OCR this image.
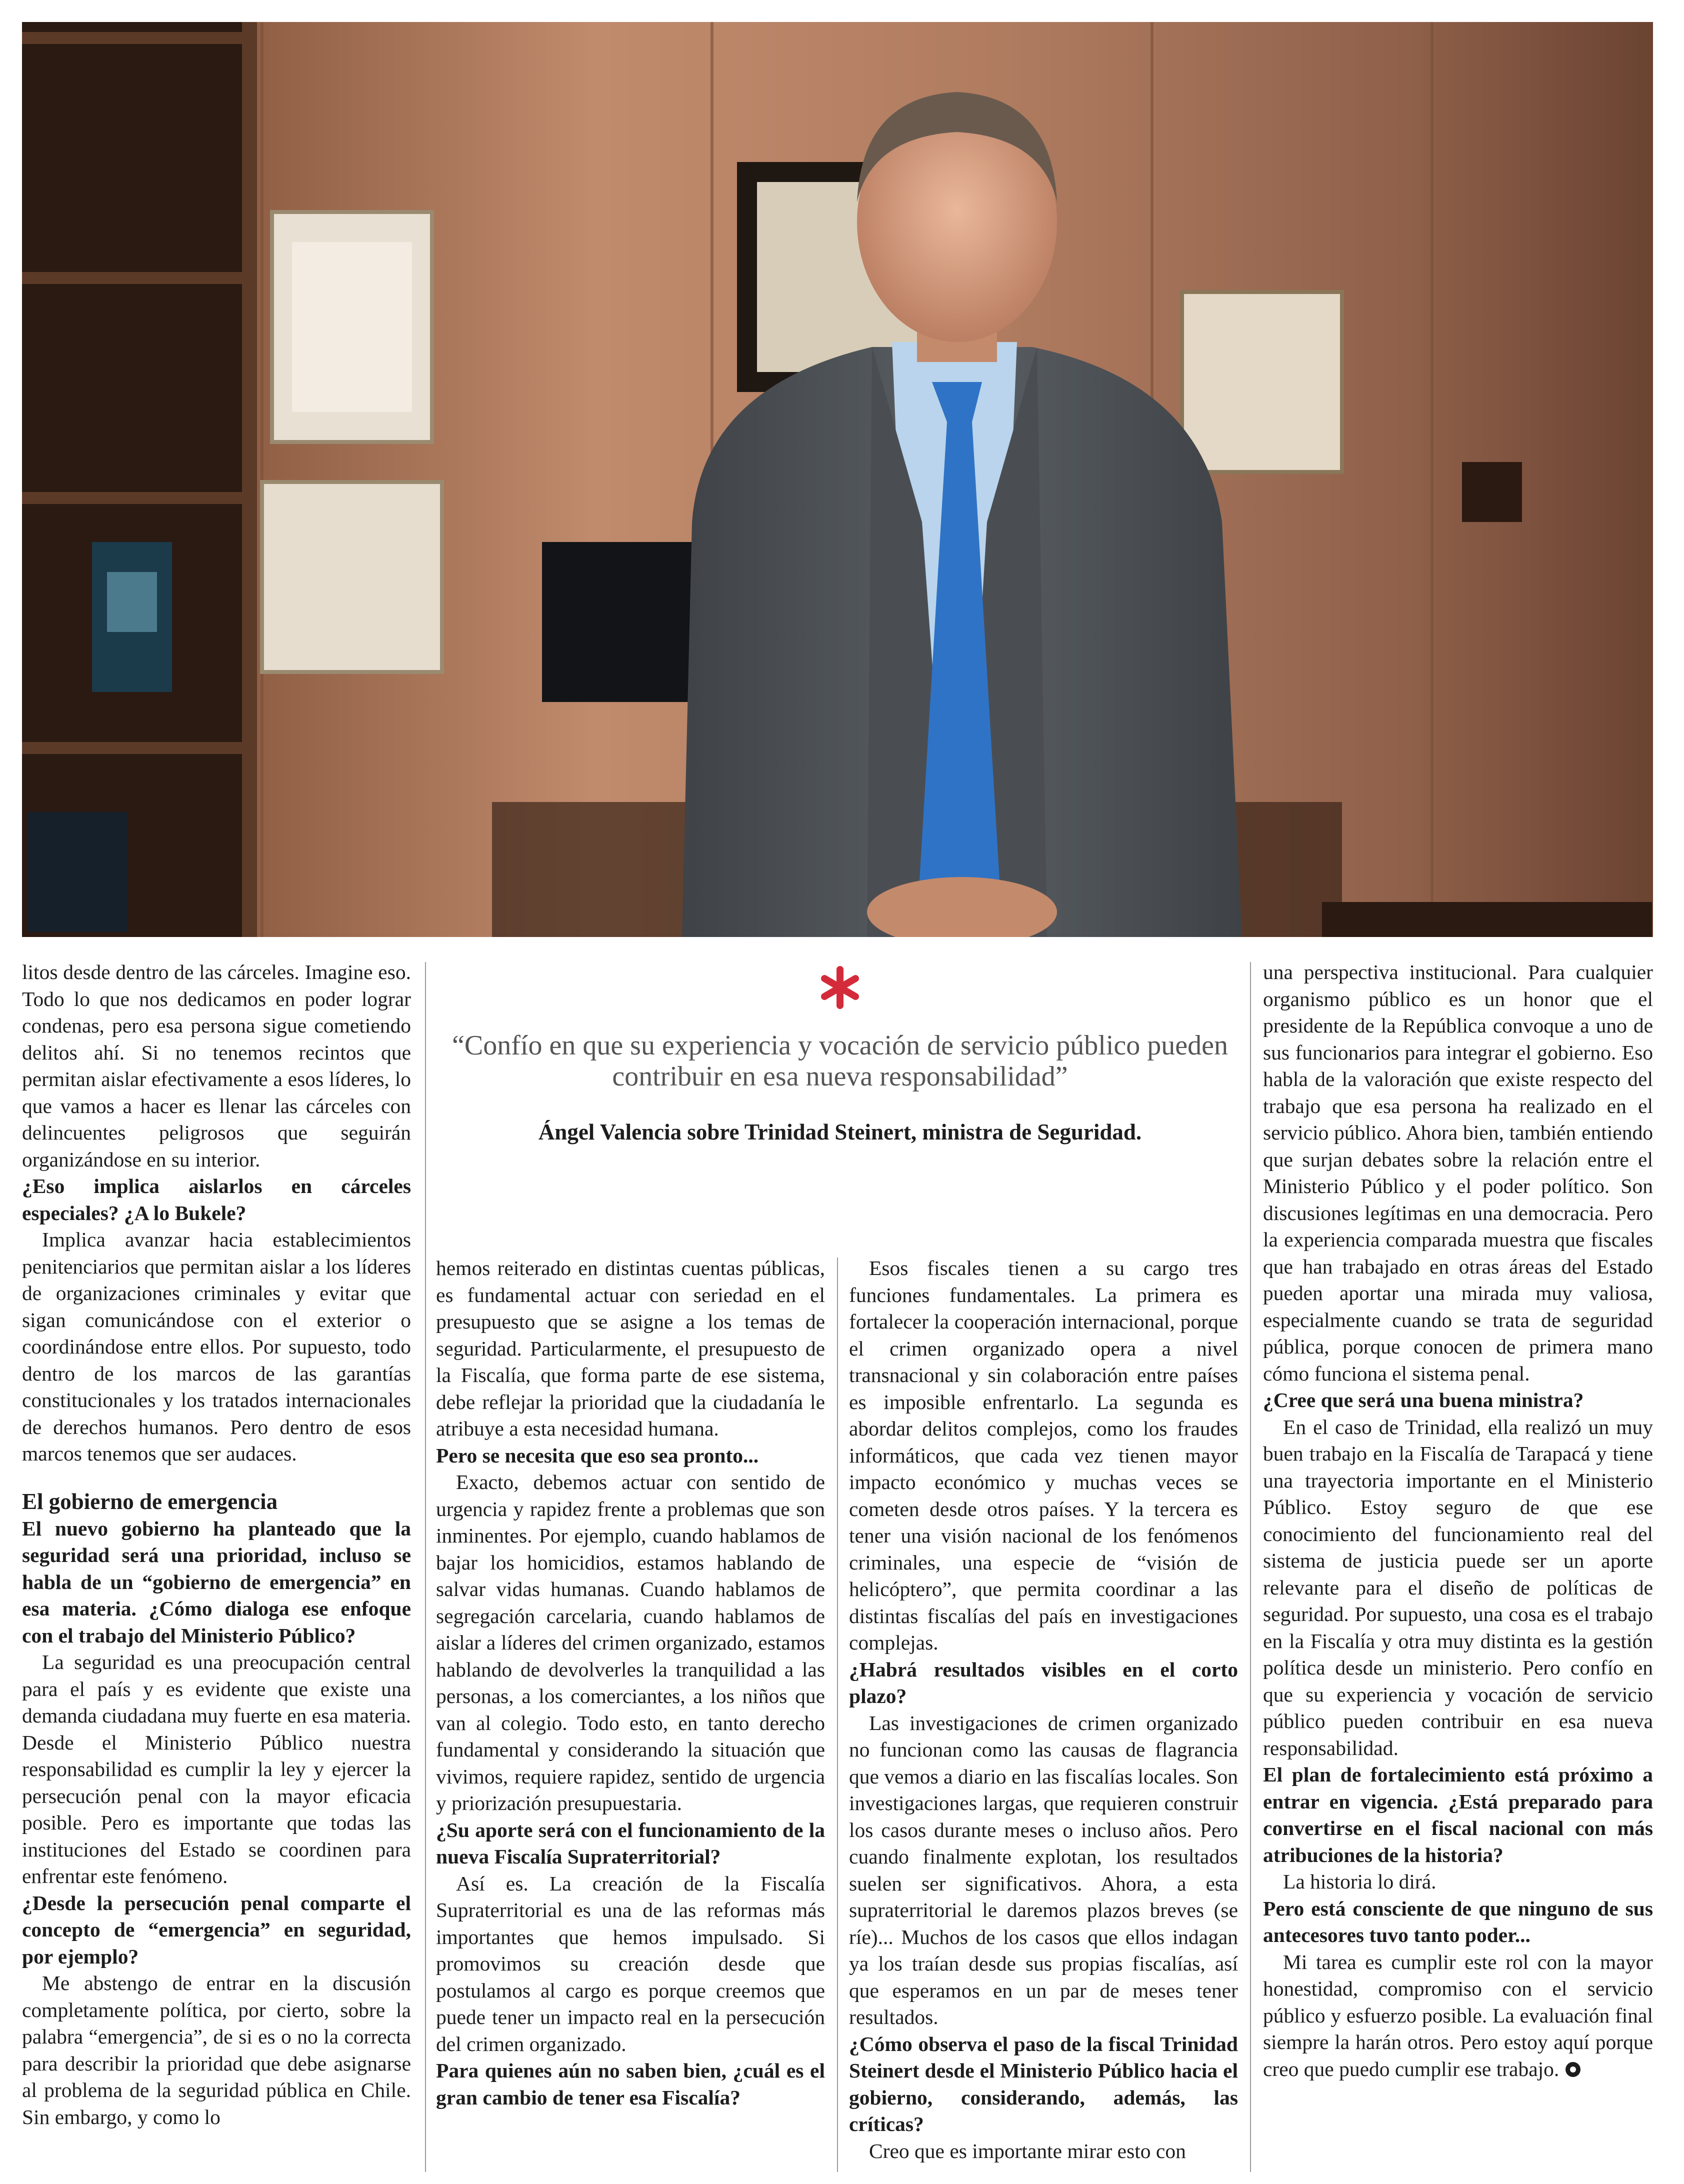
“Confío en que su experiencia y vocación de servicio público pueden contribuir en esa nueva responsabilidad”
Ángel Valencia sobre Trinidad Steinert, ministra de Seguridad.

litos desde dentro de las cárceles. Imagine eso. Todo lo que nos dedicamos en poder lograr condenas, pero esa persona sigue cometiendo delitos ahí. Si no tenemos recintos que permitan aislar efectivamente a esos líderes, lo que vamos a hacer es llenar las cárceles con delincuentes peligrosos que seguirán organizándose en su interior.

¿Eso implica aislarlos en cárceles especiales? ¿A lo Bukele?

Implica avanzar hacia establecimientos penitenciarios que permitan aislar a los líderes de organizaciones criminales y evitar que sigan comunicándose con el exterior o coordinándose entre ellos. Por supuesto, todo dentro de los marcos de las garantías constitucionales y los tratados internacionales de derechos humanos. Pero dentro de esos marcos tenemos que ser audaces.

El gobierno de emergencia

El nuevo gobierno ha planteado que la seguridad será una prioridad, incluso se habla de un “gobierno de emergencia” en esa materia. ¿Cómo dialoga ese enfoque con el trabajo del Ministerio Público?

La seguridad es una preocupación central para el país y es evidente que existe una demanda ciudadana muy fuerte en esa materia. Desde el Ministerio Público nuestra responsabilidad es cumplir la ley y ejercer la persecución penal con la mayor eficacia posible. Pero es importante que todas las instituciones del Estado se coordinen para enfrentar este fenómeno.

¿Desde la persecución penal comparte el concepto de “emergencia” en seguridad, por ejemplo?

Me abstengo de entrar en la discusión completamente política, por cierto, sobre la palabra “emergencia”, de si es o no la correcta para describir la prioridad que debe asignarse al problema de la seguridad pública en Chile. Sin embargo, y como lo

hemos reiterado en distintas cuentas públicas, es fundamental actuar con seriedad en el presupuesto que se asigne a los temas de seguridad. Particularmente, el presupuesto de la Fiscalía, que forma parte de ese sistema, debe reflejar la prioridad que la ciudadanía le atribuye a esta necesidad humana.

Pero se necesita que eso sea pronto...

Exacto, debemos actuar con sentido de urgencia y rapidez frente a problemas que son inminentes. Por ejemplo, cuando hablamos de bajar los homicidios, estamos hablando de salvar vidas humanas. Cuando hablamos de segregación carcelaria, cuando hablamos de aislar a líderes del crimen organizado, estamos hablando de devolverles la tranquilidad a las personas, a los comerciantes, a los niños que van al colegio. Todo esto, en tanto derecho fundamental y considerando la situación que vivimos, requiere rapidez, sentido de urgencia y priorización presupuestaria.

¿Su aporte será con el funcionamiento de la nueva Fiscalía Supraterritorial?

Así es. La creación de la Fiscalía Supraterritorial es una de las reformas más importantes que hemos impulsado. Si promovimos su creación desde que postulamos al cargo es porque creemos que puede tener un impacto real en la persecución del crimen organizado.

Para quienes aún no saben bien, ¿cuál es el gran cambio de tener esa Fiscalía?

Esos fiscales tienen a su cargo tres funciones fundamentales. La primera es fortalecer la cooperación internacional, porque el crimen organizado opera a nivel transnacional y sin colaboración entre países es imposible enfrentarlo. La segunda es abordar delitos complejos, como los fraudes informáticos, que cada vez tienen mayor impacto económico y muchas veces se cometen desde otros países. Y la tercera es tener una visión nacional de los fenómenos criminales, una especie de “visión de helicóptero”, que permita coordinar a las distintas fiscalías del país en investigaciones complejas.

¿Habrá resultados visibles en el corto plazo?

Las investigaciones de crimen organizado no funcionan como las causas de flagrancia que vemos a diario en las fiscalías locales. Son investigaciones largas, que requieren construir los casos durante meses o incluso años. Pero cuando finalmente explotan, los resultados suelen ser significativos. Ahora, a esta supraterritorial le daremos plazos breves (se ríe)... Muchos de los casos que ellos indagan ya los traían desde sus propias fiscalías, así que esperamos en un par de meses tener resultados.

¿Cómo observa el paso de la fiscal Trinidad Steinert desde el Ministerio Público hacia el gobierno, considerando, además, las críticas?

Creo que es importante mirar esto con

una perspectiva institucional. Para cualquier organismo público es un honor que el presidente de la República convoque a uno de sus funcionarios para integrar el gobierno. Eso habla de la valoración que existe respecto del trabajo que esa persona ha realizado en el servicio público. Ahora bien, también entiendo que surjan debates sobre la relación entre el Ministerio Público y el poder político. Son discusiones legítimas en una democracia. Pero la experiencia comparada muestra que fiscales que han trabajado en otras áreas del Estado pueden aportar una mirada muy valiosa, especialmente cuando se trata de seguridad pública, porque conocen de primera mano cómo funciona el sistema penal.

¿Cree que será una buena ministra?

En el caso de Trinidad, ella realizó un muy buen trabajo en la Fiscalía de Tarapacá y tiene una trayectoria importante en el Ministerio Público. Estoy seguro de que ese conocimiento del funcionamiento real del sistema de justicia puede ser un aporte relevante para el diseño de políticas de seguridad. Por supuesto, una cosa es el trabajo en la Fiscalía y otra muy distinta es la gestión política desde un ministerio. Pero confío en que su experiencia y vocación de servicio público pueden contribuir en esa nueva responsabilidad.

El plan de fortalecimiento está próximo a entrar en vigencia. ¿Está preparado para convertirse en el fiscal nacional con más atribuciones de la historia?

La historia lo dirá.

Pero está consciente de que ninguno de sus antecesores tuvo tanto poder...

Mi tarea es cumplir este rol con la mayor honestidad, compromiso con el servicio público y esfuerzo posible. La evaluación final siempre la harán otros. Pero estoy aquí porque creo que puedo cumplir ese trabajo.
